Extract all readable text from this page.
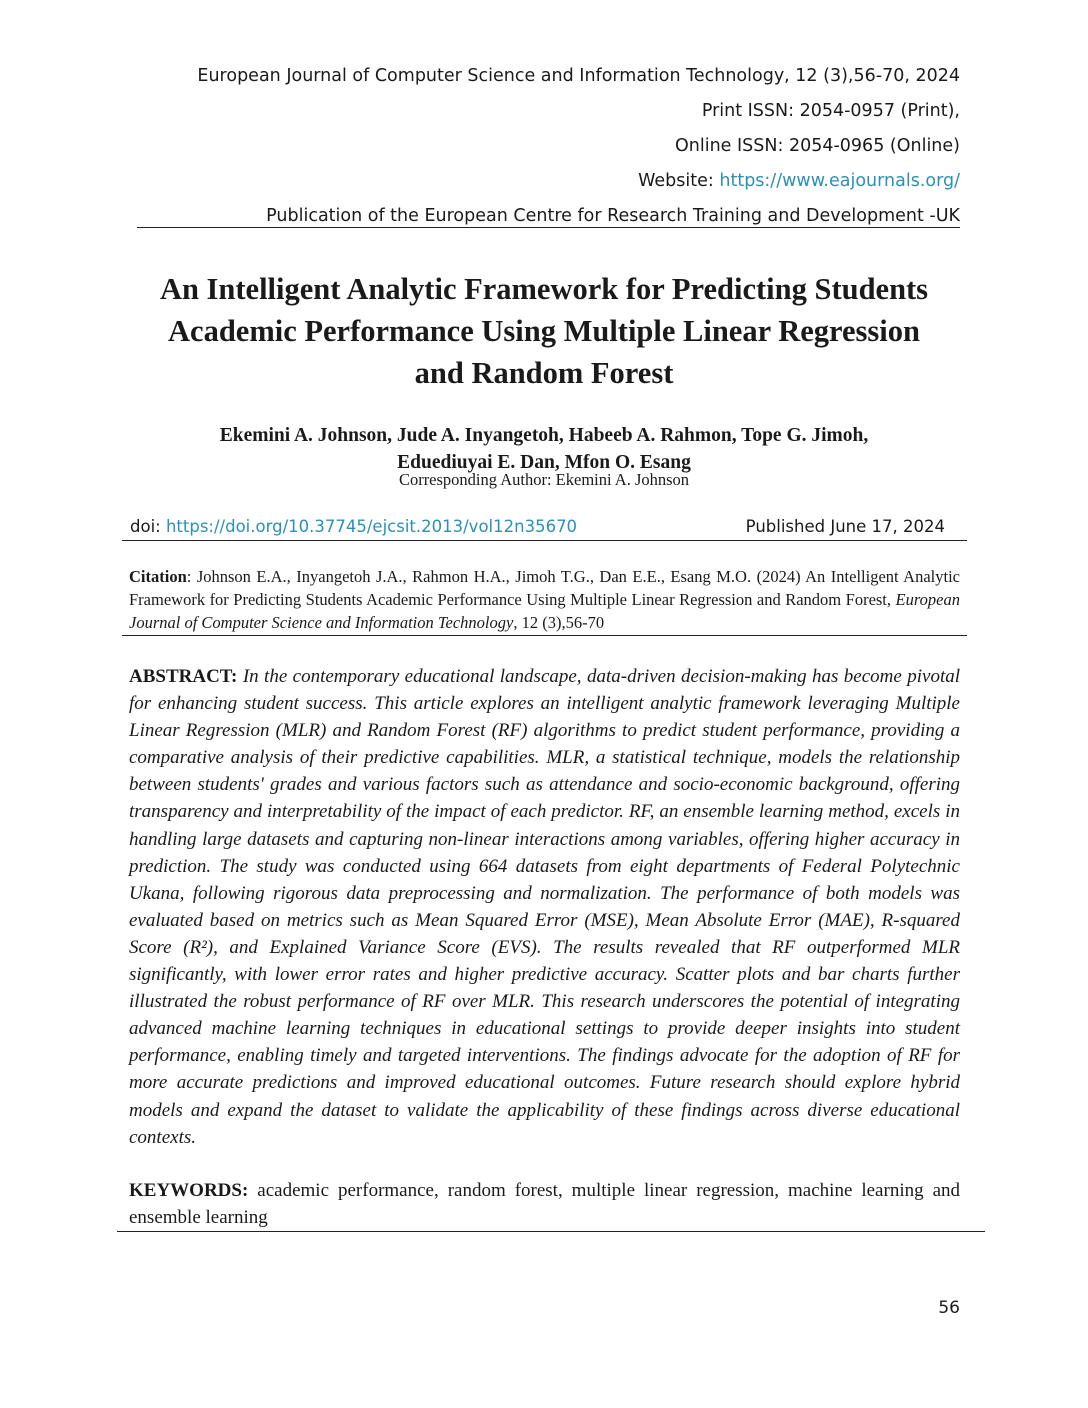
European Journal of Computer Science and Information Technology, 12 (3),56-70, 2024
Print ISSN: 2054-0957 (Print),
Online ISSN: 2054-0965 (Online)
Website: https://www.eajournals.org/
Publication of the European Centre for Research Training and Development -UK
An Intelligent Analytic Framework for Predicting Students
Academic Performance Using Multiple Linear Regression
and Random Forest
Ekemini A. Johnson, Jude A. Inyangetoh, Habeeb A. Rahmon, Tope G. Jimoh,
Eduediuyai E. Dan, Mfon O. Esang
Corresponding Author: Ekemini A. Johnson
doi: https://doi.org/10.37745/ejcsit.2013/vol12n35670	Published June 17, 2024
Citation: Johnson E.A., Inyangetoh J.A., Rahmon H.A., Jimoh T.G., Dan E.E., Esang M.O. (2024) An Intelligent Analytic Framework for Predicting Students Academic Performance Using Multiple Linear Regression and Random Forest, European Journal of Computer Science and Information Technology, 12 (3),56-70
ABSTRACT: In the contemporary educational landscape, data-driven decision-making has become pivotal for enhancing student success. This article explores an intelligent analytic framework leveraging Multiple Linear Regression (MLR) and Random Forest (RF) algorithms to predict student performance, providing a comparative analysis of their predictive capabilities. MLR, a statistical technique, models the relationship between students' grades and various factors such as attendance and socio-economic background, offering transparency and interpretability of the impact of each predictor. RF, an ensemble learning method, excels in handling large datasets and capturing non-linear interactions among variables, offering higher accuracy in prediction. The study was conducted using 664 datasets from eight departments of Federal Polytechnic Ukana, following rigorous data preprocessing and normalization. The performance of both models was evaluated based on metrics such as Mean Squared Error (MSE), Mean Absolute Error (MAE), R-squared Score (R²), and Explained Variance Score (EVS). The results revealed that RF outperformed MLR significantly, with lower error rates and higher predictive accuracy. Scatter plots and bar charts further illustrated the robust performance of RF over MLR. This research underscores the potential of integrating advanced machine learning techniques in educational settings to provide deeper insights into student performance, enabling timely and targeted interventions. The findings advocate for the adoption of RF for more accurate predictions and improved educational outcomes. Future research should explore hybrid models and expand the dataset to validate the applicability of these findings across diverse educational contexts.
KEYWORDS: academic performance, random forest, multiple linear regression, machine learning and ensemble learning
56
